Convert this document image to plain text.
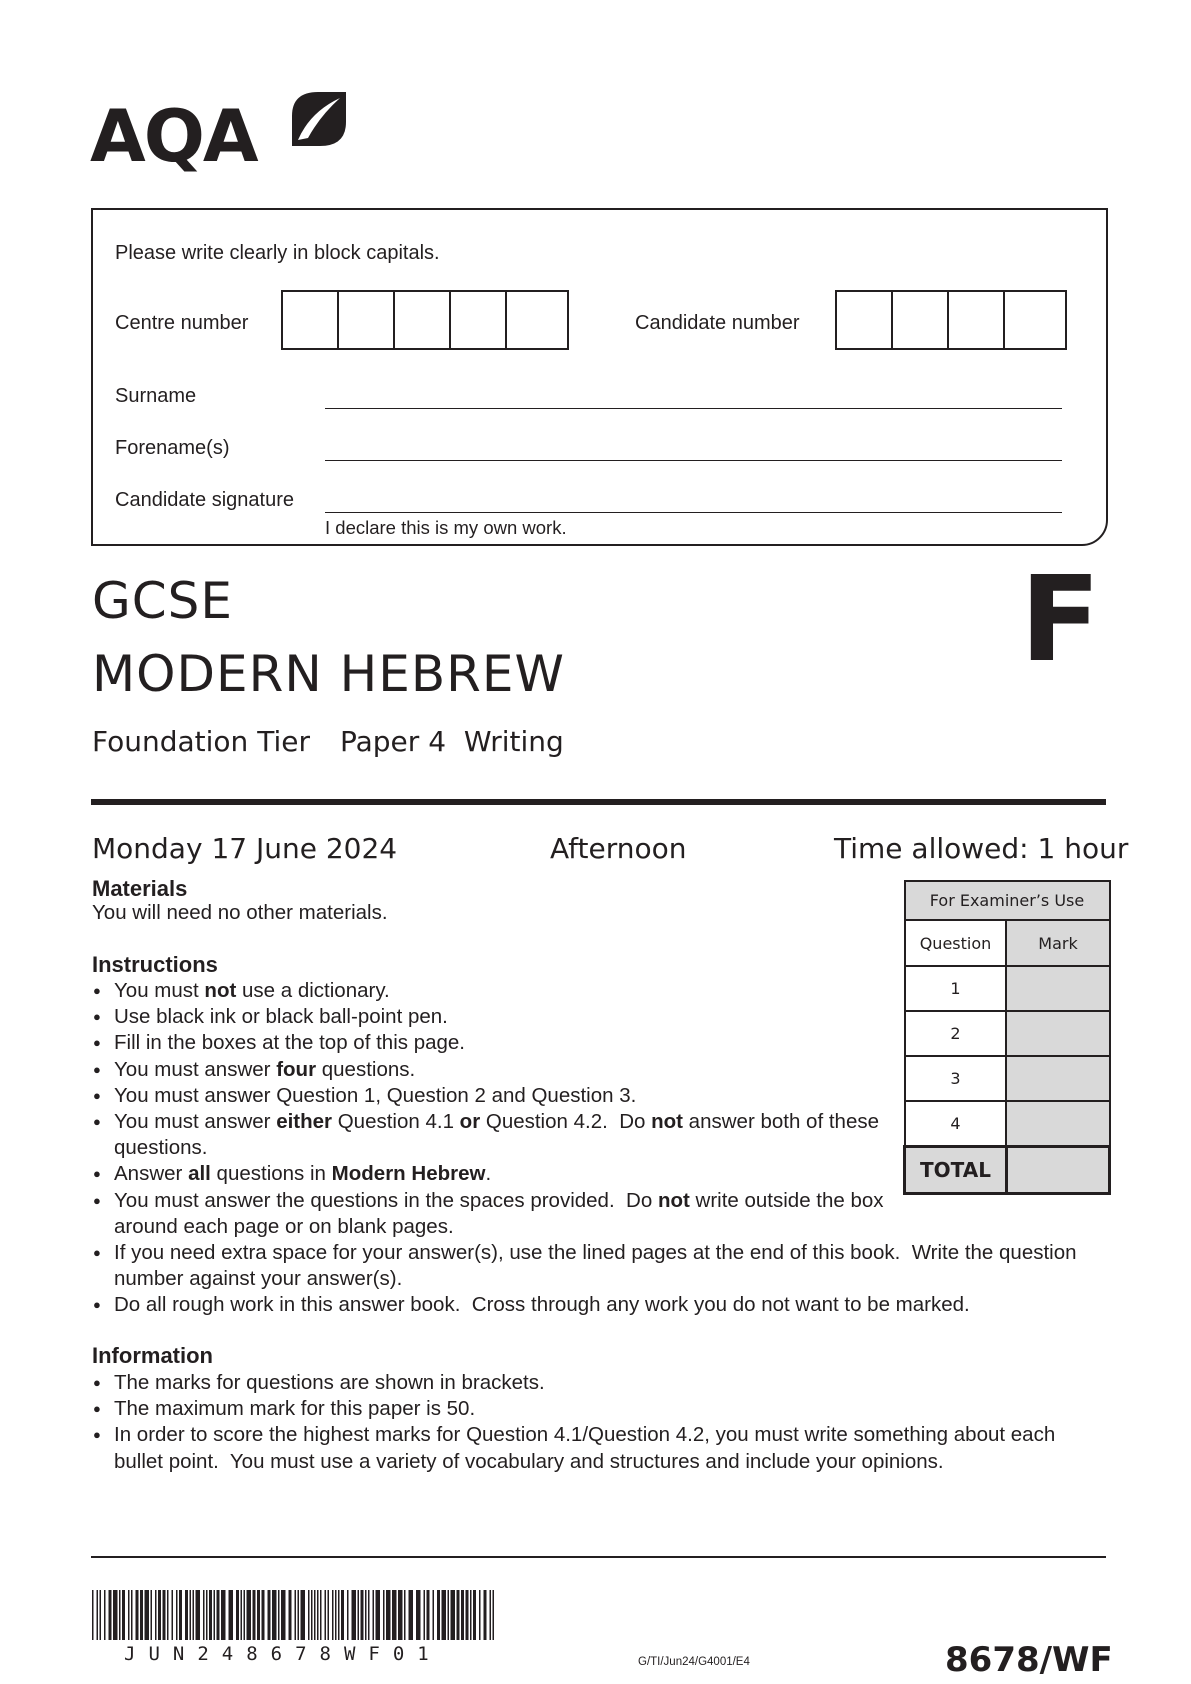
AQA
Please write clearly in block capitals.
Centre number	Candidate number
Surname
Forename(s)
Candidate signature
I declare this is my own work.
GCSE
MODERN HEBREW
Foundation Tier Paper 4  Writing
F
Monday 17 June 2024	Afternoon	Time allowed: 1 hour
Materials
You will need no other materials.
Instructions
● You must not use a dictionary.
● Use black ink or black ball-point pen.
● Fill in the boxes at the top of this page.
● You must answer four questions.
● You must answer Question 1, Question 2 and Question 3.
● You must answer either Question 4.1 or Question 4.2.  Do not answer both of these questions.
● Answer all questions in Modern Hebrew.
● You must answer the questions in the spaces provided.  Do not write outside the box around each page or on blank pages.
● If you need extra space for your answer(s), use the lined pages at the end of this book.  Write the question number against your answer(s).
● Do all rough work in this answer book.  Cross through any work you do not want to be marked.
Information
● The marks for questions are shown in brackets.
● The maximum mark for this paper is 50.
● In order to score the highest marks for Question 4.1/Question 4.2, you must write something about each bullet point.  You must use a variety of vocabulary and structures and include your opinions.
For Examiner’s Use	
Question	Mark
1	
2	
3	
4	
TOTAL	
JUN248678WF01	G/TI/Jun24/G4001/E4	8678/WF
